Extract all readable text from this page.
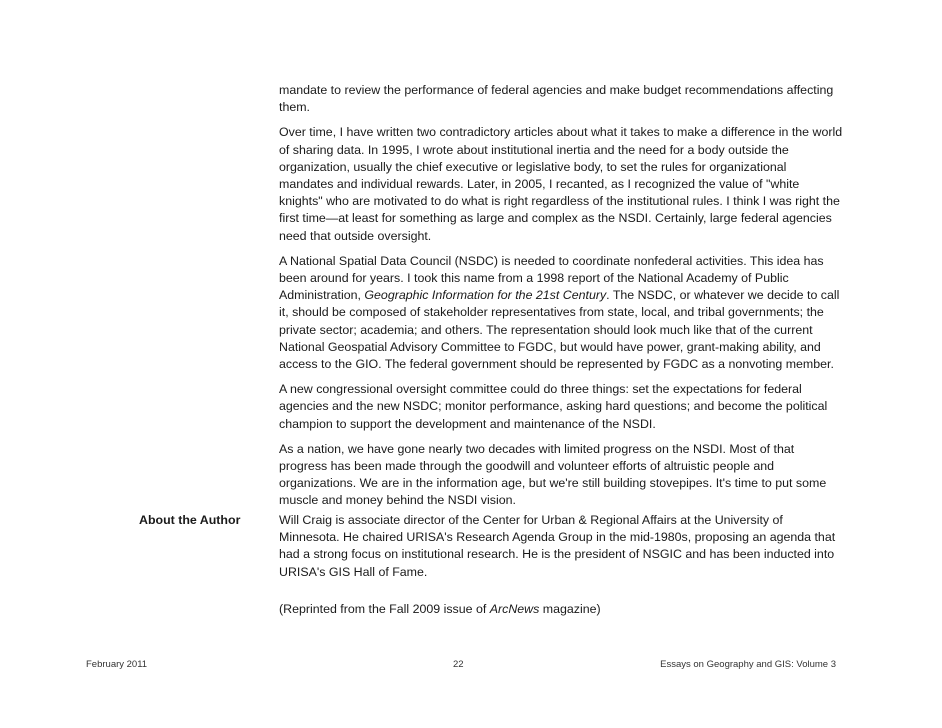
mandate to review the performance of federal agencies and make budget recommendations affecting them.

Over time, I have written two contradictory articles about what it takes to make a difference in the world of sharing data. In 1995, I wrote about institutional inertia and the need for a body outside the organization, usually the chief executive or legislative body, to set the rules for organizational mandates and individual rewards. Later, in 2005, I recanted, as I recognized the value of "white knights" who are motivated to do what is right regardless of the institutional rules. I think I was right the first time—at least for something as large and complex as the NSDI. Certainly, large federal agencies need that outside oversight.

A National Spatial Data Council (NSDC) is needed to coordinate nonfederal activities. This idea has been around for years. I took this name from a 1998 report of the National Academy of Public Administration, Geographic Information for the 21st Century. The NSDC, or whatever we decide to call it, should be composed of stakeholder representatives from state, local, and tribal governments; the private sector; academia; and others. The representation should look much like that of the current National Geospatial Advisory Committee to FGDC, but would have power, grant-making ability, and access to the GIO. The federal government should be represented by FGDC as a nonvoting member.

A new congressional oversight committee could do three things: set the expectations for federal agencies and the new NSDC; monitor performance, asking hard questions; and become the political champion to support the development and maintenance of the NSDI.

As a nation, we have gone nearly two decades with limited progress on the NSDI. Most of that progress has been made through the goodwill and volunteer efforts of altruistic people and organizations. We are in the information age, but we're still building stovepipes. It's time to put some muscle and money behind the NSDI vision.

About the Author	Will Craig is associate director of the Center for Urban & Regional Affairs at the University of Minnesota. He chaired URISA's Research Agenda Group in the mid-1980s, proposing an agenda that had a strong focus on institutional research. He is the president of NSGIC and has been inducted into URISA's GIS Hall of Fame.

(Reprinted from the Fall 2009 issue of ArcNews magazine)

February 2011	22	Essays on Geography and GIS: Volume 3
